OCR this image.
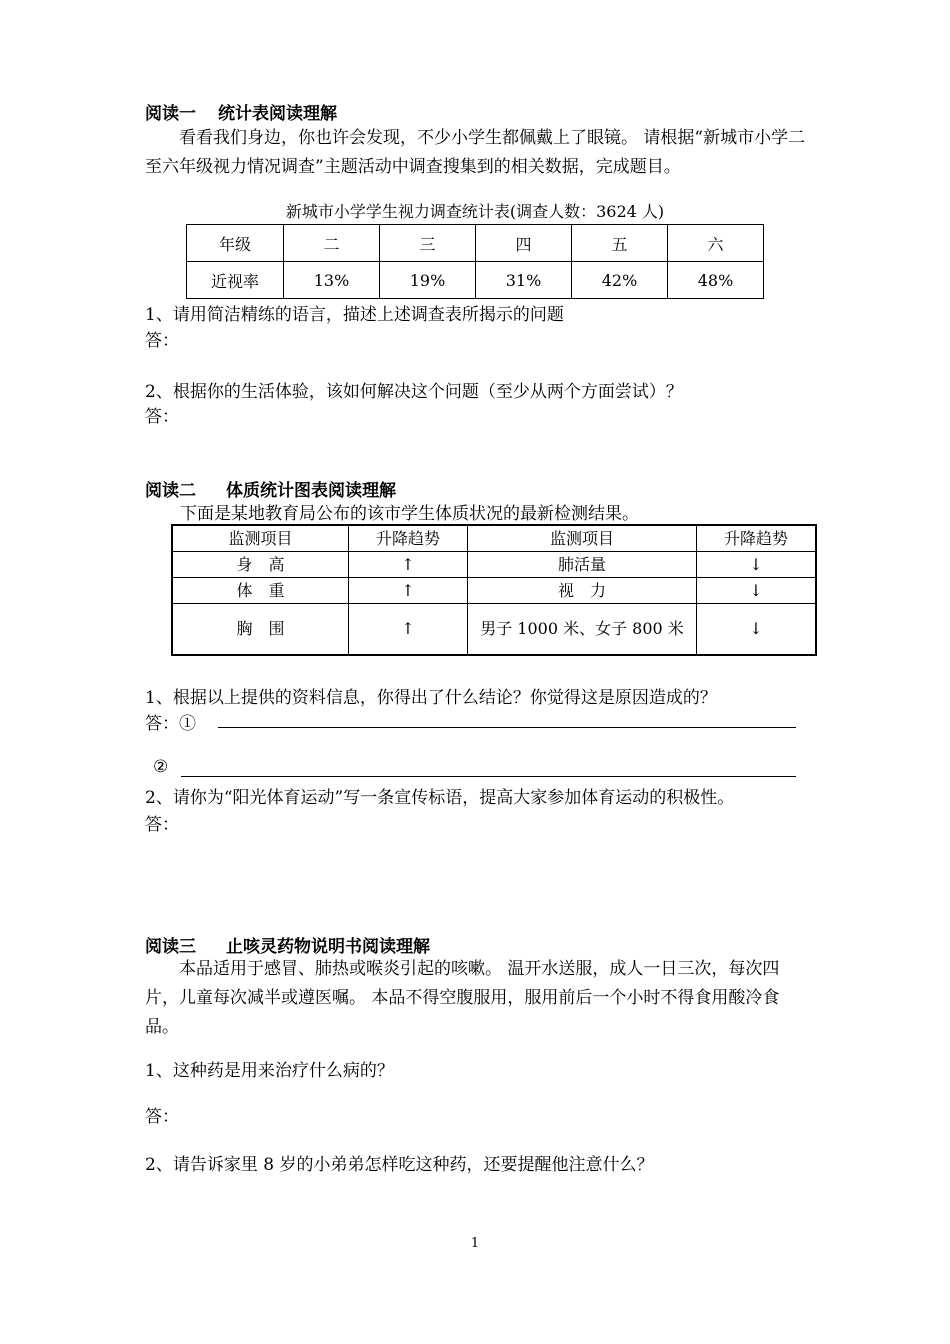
阅读一 统计表阅读理解
看看我们身边，你也许会发现，不少小学生都佩戴上了眼镜。 请根据“新城市小学二至六年级视力情况调查”主题活动中调查搜集到的相关数据，完成题目。
新城市小学学生视力调查统计表(调查人数：3624 人)
年级	二	三	四	五	六
近视率	13%	19%	31%	42%	48%
1、请用简洁精练的语言，描述上述调查表所揭示的问题
答：
2、根据你的生活体验，该如何解决这个问题（至少从两个方面尝试）？
答：
阅读二 体质统计图表阅读理解
下面是某地教育局公布的该市学生体质状况的最新检测结果。
监测项目	升降趋势	监测项目	升降趋势
身　高	↑	肺活量	↓
体　重	↑	视　力	↓
胸　围	↑	男子 1000 米、女子 800 米	↓
1、根据以上提供的资料信息，你得出了什么结论？你觉得这是原因造成的？
答：①
②
2、请你为“阳光体育运动”写一条宣传标语，提高大家参加体育运动的积极性。
答：
阅读三 止咳灵药物说明书阅读理解
本品适用于感冒、肺热或喉炎引起的咳嗽。 温开水送服，成人一日三次，每次四片，儿童每次减半或遵医嘱。 本品不得空腹服用，服用前后一个小时不得食用酸冷食品。
1、这种药是用来治疗什么病的？
答：
2、请告诉家里 8 岁的小弟弟怎样吃这种药，还要提醒他注意什么？
1
